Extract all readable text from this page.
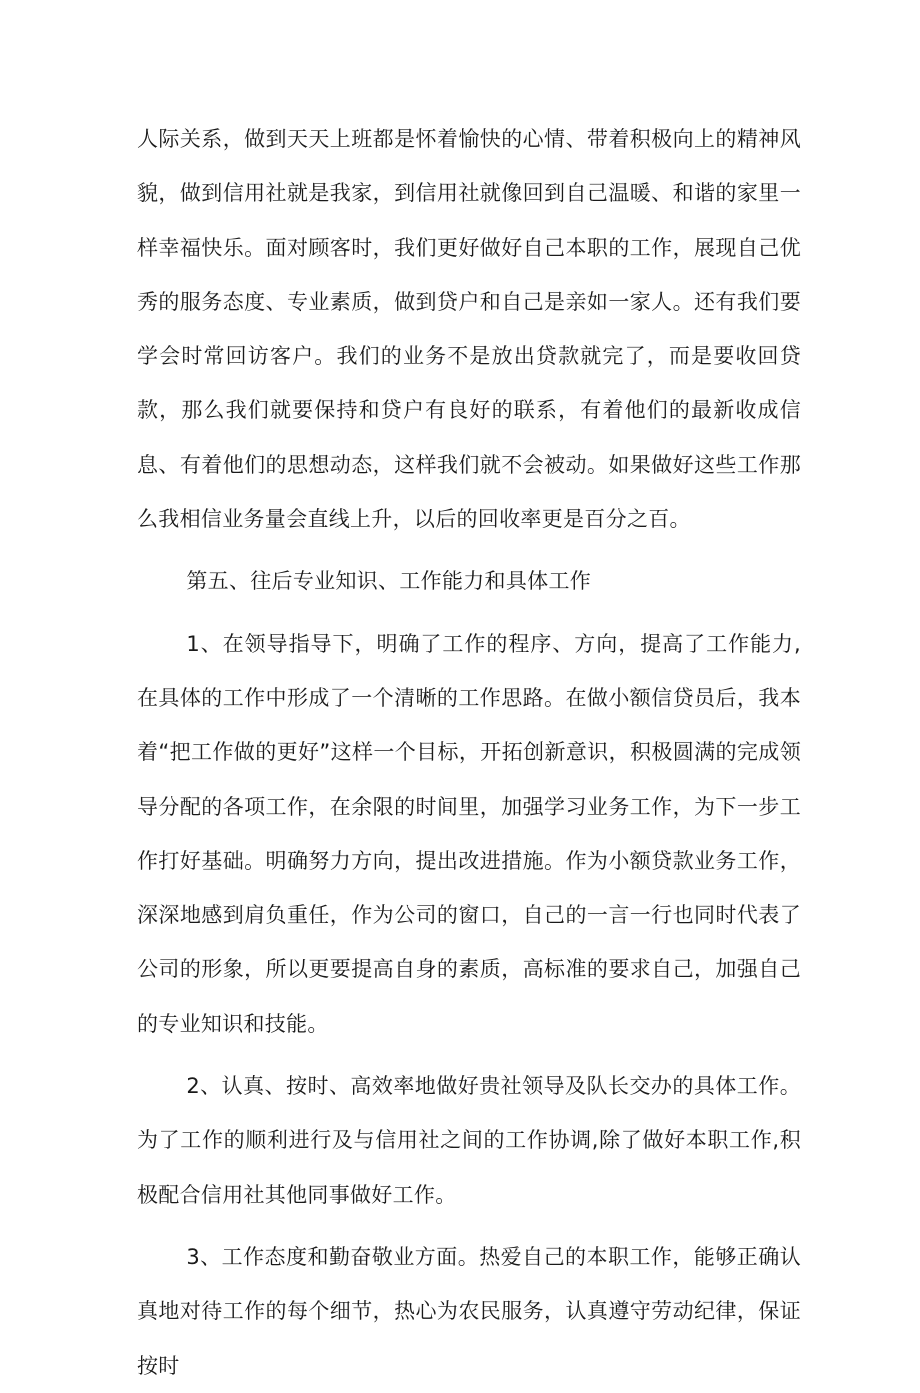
人际关系，做到天天上班都是怀着愉快的心情、带着积极向上的精神风貌，做到信用社就是我家，到信用社就像回到自己温暖、和谐的家里一样幸福快乐。面对顾客时，我们更好做好自己本职的工作，展现自己优秀的服务态度、专业素质，做到贷户和自己是亲如一家人。还有我们要学会时常回访客户。我们的业务不是放出贷款就完了，而是要收回贷款，那么我们就要保持和贷户有良好的联系，有着他们的最新收成信息、有着他们的思想动态，这样我们就不会被动。如果做好这些工作那么我相信业务量会直线上升，以后的回收率更是百分之百。

第五、往后专业知识、工作能力和具体工作

1、在领导指导下，明确了工作的程序、方向，提高了工作能力,在具体的工作中形成了一个清晰的工作思路。在做小额信贷员后，我本着“把工作做的更好”这样一个目标，开拓创新意识，积极圆满的完成领导分配的各项工作，在余限的时间里，加强学习业务工作，为下一步工作打好基础。明确努力方向，提出改进措施。作为小额贷款业务工作，深深地感到肩负重任，作为公司的窗口，自己的一言一行也同时代表了公司的形象，所以更要提高自身的素质，高标准的要求自己，加强自己的专业知识和技能。

2、认真、按时、高效率地做好贵社领导及队长交办的具体工作。为了工作的顺利进行及与信用社之间的工作协调,除了做好本职工作,积极配合信用社其他同事做好工作。

3、工作态度和勤奋敬业方面。热爱自己的本职工作，能够正确认真地对待工作的每个细节，热心为农民服务，认真遵守劳动纪律，保证按时
